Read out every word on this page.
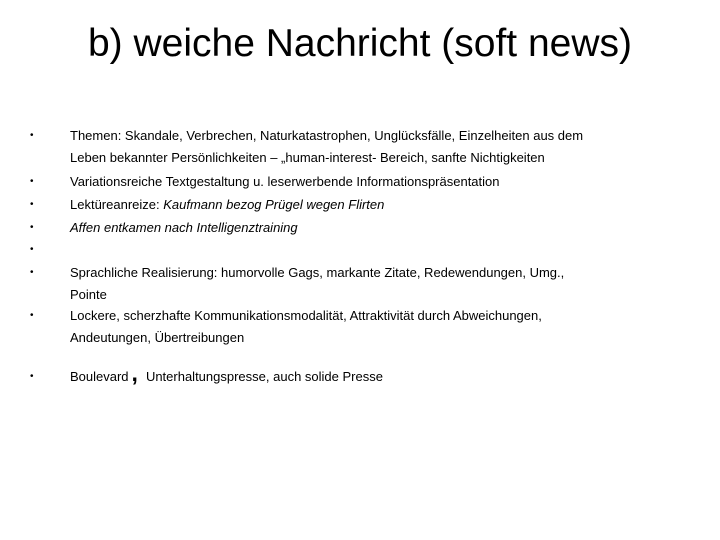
b) weiche Nachricht (soft news)
•	Themen: Skandale, Verbrechen, Naturkatastrophen, Unglücksfälle, Einzelheiten aus dem
Leben bekannter Persönlichkeiten – „human-interest- Bereich, sanfte Nichtigkeiten
•	Variationsreiche Textgestaltung u. leserwerbende Informationspräsentation
•	Lektüreanreize: Kaufmann bezog Prügel wegen Flirten
•	Affen entkamen nach Intelligenztraining
•
•	Sprachliche Realisierung: humorvolle Gags, markante Zitate, Redewendungen, Umg.,
Pointe
•	Lockere, scherzhafte Kommunikationsmodalität, Attraktivität durch Abweichungen,
Andeutungen, Übertreibungen
•	Boulevard , Unterhaltungspresse, auch solide Presse
